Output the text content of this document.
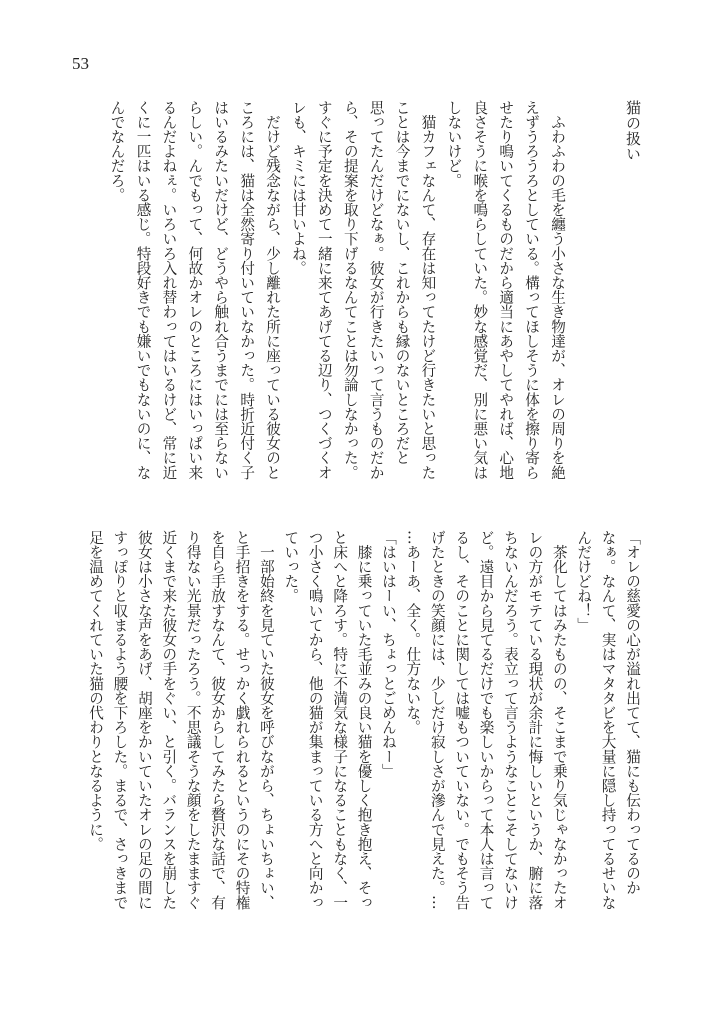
53
猫の扱い
　ふわふわの毛を纏う小さな生き物達が、オレの周りを絶
えずうろうろとしている。構ってほしそうに体を擦り寄ら
せたり鳴いてくるものだから適当にあやしてやれば、心地
良さそうに喉を鳴らしていた。妙な感覚だ、別に悪い気は
しないけど。
　猫カフェなんて、存在は知ってたけど行きたいと思った
ことは今までにないし、これからも縁のないところだと
思ってたんだけどなぁ。彼女が行きたいって言うものだか
ら、その提案を取り下げるなんてことは勿論しなかった。
すぐに予定を決めて一緒に来てあげてる辺り、つくづくオ
レも、キミには甘いよね。
　だけど残念ながら、少し離れた所に座っている彼女のと
ころには、猫は全然寄り付いていなかった。時折近付く子
はいるみたいだけど、どうやら触れ合うまでには至らない
らしい。んでもって、何故かオレのところにはいっぱい来
るんだよねぇ。いろいろ入れ替わってはいるけど、常に近
くに一匹はいる感じ。特段好きでも嫌いでもないのに、な
んでなんだろ。
「オレの慈愛の心が溢れ出てて、猫にも伝わってるのか
なぁ。なんて、実はマタタビを大量に隠し持ってるせいな
んだけどね！」
　茶化してはみたものの、そこまで乗り気じゃなかったオ
レの方がモテている現状が余計に悔しいというか、腑に落
ちないんだろう。表立って言うようなことこそしてないけ
ど。遠目から見てるだけでも楽しいからって本人は言って
るし、そのことに関しては嘘もついていない。でもそう告
げたときの笑顔には、少しだけ寂しさが滲んで見えた。…
…あーあ、全く。仕方ないな。
「はいはーい、ちょっとごめんねー」
　膝に乗っていた毛並みの良い猫を優しく抱き抱え、そっ
と床へと降ろす。特に不満気な様子になることもなく、一
つ小さく鳴いてから、他の猫が集まっている方へと向かっ
ていった。
　一部始終を見ていた彼女を呼びながら、ちょいちょい、
と手招きをする。せっかく戯れられるというのにその特権
を自ら手放すなんて、彼女からしてみたら贅沢な話で、有
り得ない光景だったろう。不思議そうな顔をしたまますぐ
近くまで来た彼女の手をぐい、と引く。バランスを崩した
彼女は小さな声をあげ、胡座をかいていたオレの足の間に
すっぽりと収まるよう腰を下ろした。まるで、さっきまで
足を温めてくれていた猫の代わりとなるように。
